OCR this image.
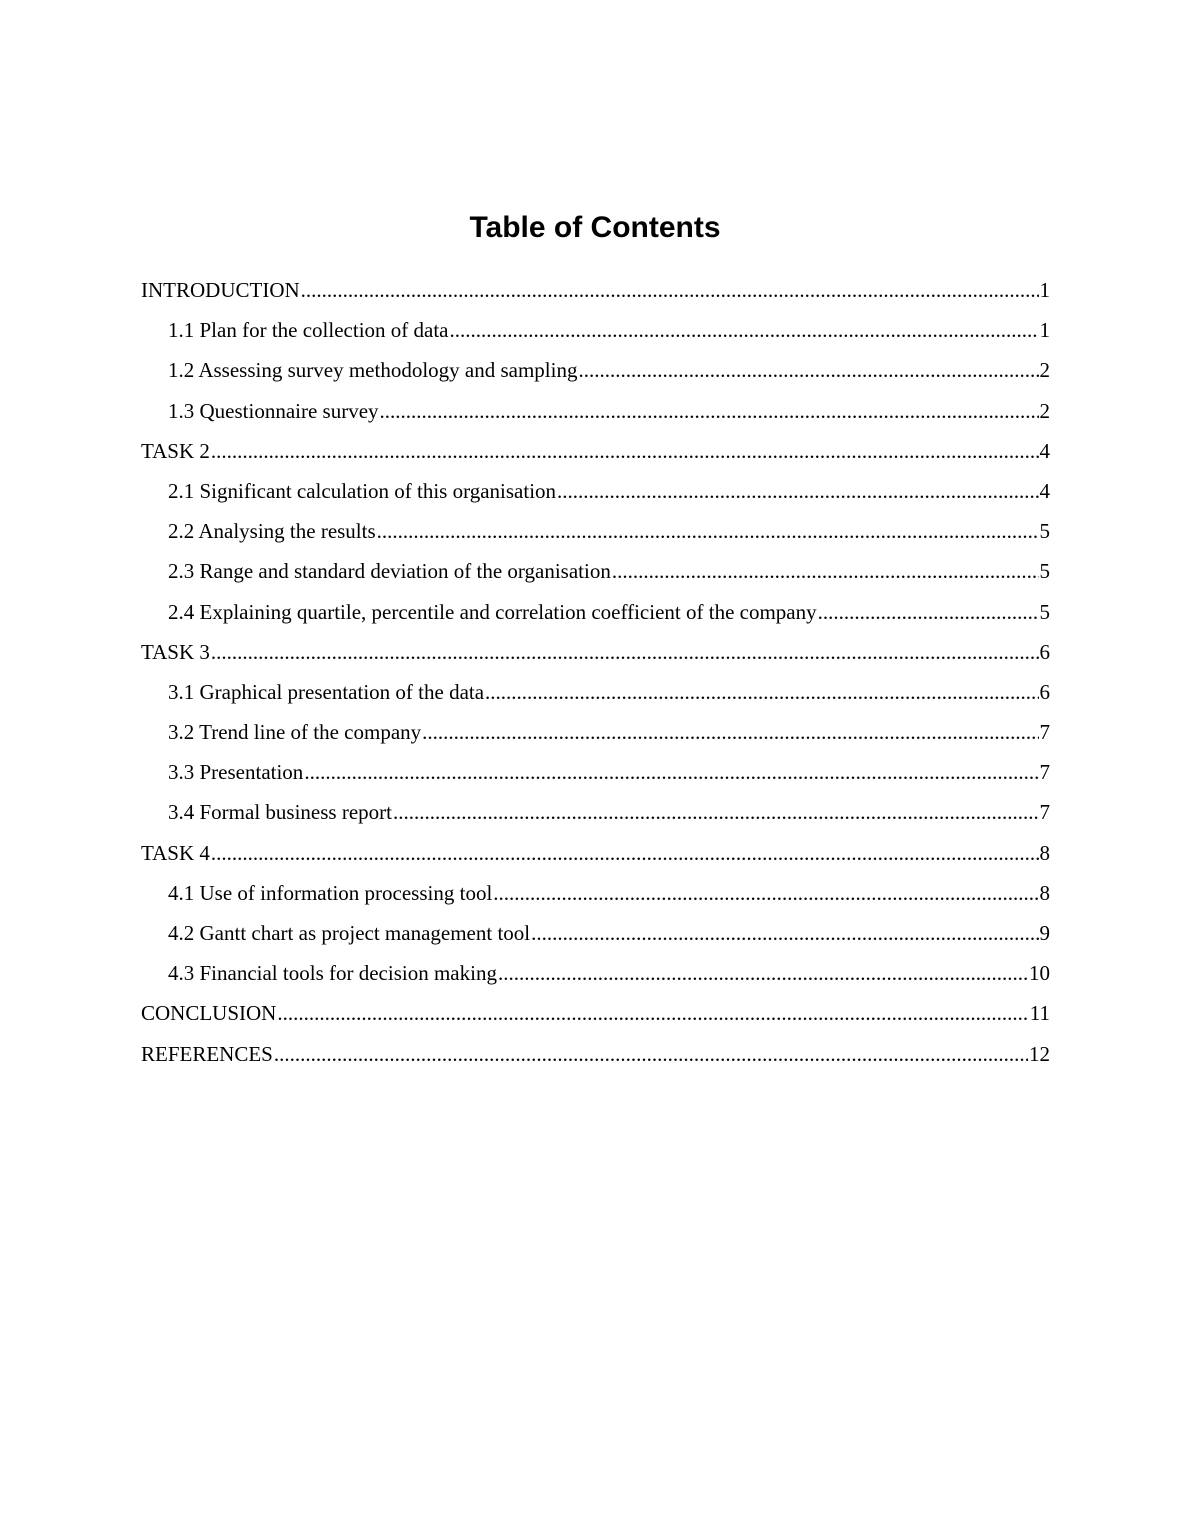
Table of Contents
INTRODUCTION .....	1
1.1 Plan for the collection of data .....	1
1.2 Assessing survey methodology and sampling .....	2
1.3 Questionnaire survey .....	2
TASK 2 .....	4
2.1 Significant calculation of this organisation .....	4
2.2 Analysing the results .....	5
2.3 Range and standard deviation of the organisation .....	5
2.4 Explaining quartile, percentile and correlation coefficient of the company .....	5
TASK 3 .....	6
3.1 Graphical presentation of the data .....	6
3.2 Trend line of the company .....	7
3.3 Presentation .....	7
3.4 Formal business report .....	7
TASK 4 .....	8
4.1 Use of information processing tool .....	8
4.2 Gantt chart as project management tool .....	9
4.3 Financial tools for decision making .....	10
CONCLUSION .....	11
REFERENCES .....	12
